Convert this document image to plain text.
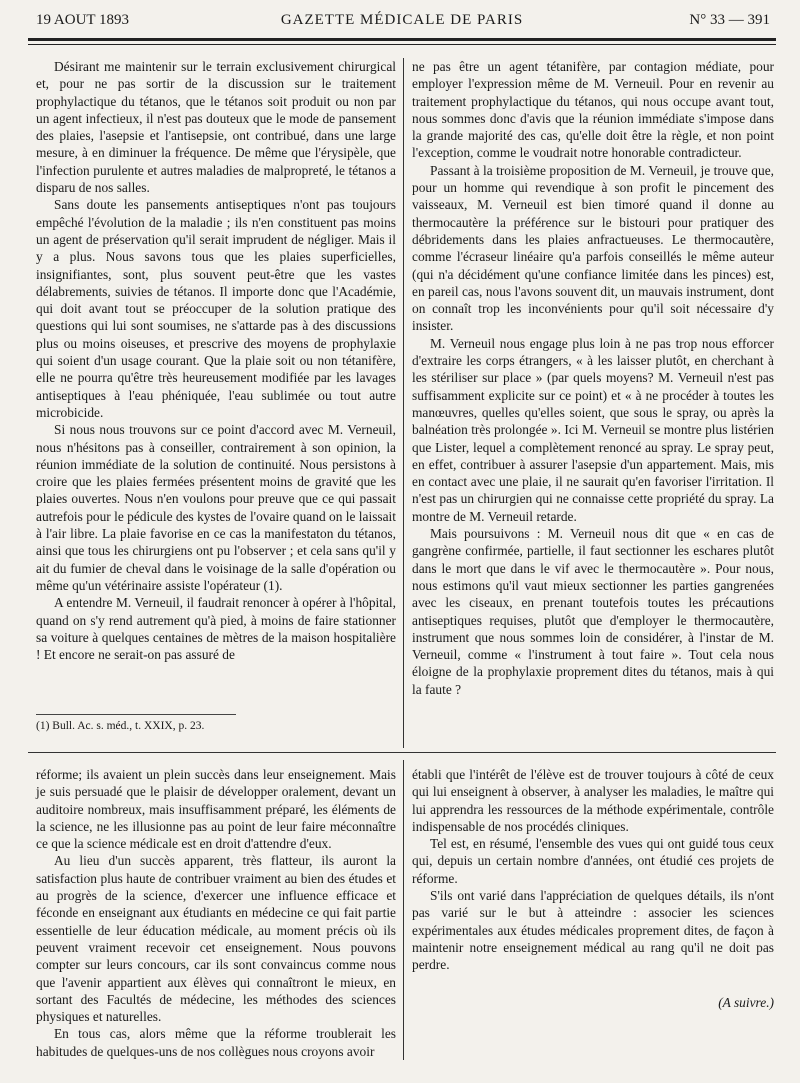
19 AOUT 1893	GAZETTE MÉDICALE DE PARIS	N° 33 — 391

Désirant me maintenir sur le terrain exclusivement chirurgical et, pour ne pas sortir de la discussion sur le traitement prophylactique du tétanos, que le tétanos soit produit ou non par un agent infectieux, il n'est pas douteux que le mode de pansement des plaies, l'asepsie et l'antisepsie, ont contribué, dans une large mesure, à en diminuer la fréquence. De même que l'érysipèle, que l'infection purulente et autres maladies de malpropreté, le tétanos a disparu de nos salles.

Sans doute les pansements antiseptiques n'ont pas toujours empêché l'évolution de la maladie ; ils n'en constituent pas moins un agent de préservation qu'il serait imprudent de négliger. Mais il y a plus. Nous savons tous que les plaies superficielles, insignifiantes, sont, plus souvent peut-être que les vastes délabrements, suivies de tétanos. Il importe donc que l'Académie, qui doit avant tout se préoccuper de la solution pratique des questions qui lui sont soumises, ne s'attarde pas à des discussions plus ou moins oiseuses, et prescrive des moyens de prophylaxie qui soient d'un usage courant. Que la plaie soit ou non tétanifère, elle ne pourra qu'être très heureusement modifiée par les lavages antiseptiques à l'eau phéniquée, l'eau sublimée ou tout autre microbicide.

Si nous nous trouvons sur ce point d'accord avec M. Verneuil, nous n'hésitons pas à conseiller, contrairement à son opinion, la réunion immédiate de la solution de continuité. Nous persistons à croire que les plaies fermées présentent moins de gravité que les plaies ouvertes. Nous n'en voulons pour preuve que ce qui passait autrefois pour le pédicule des kystes de l'ovaire quand on le laissait à l'air libre. La plaie favorise en ce cas la manifestaton du tétanos, ainsi que tous les chirurgiens ont pu l'observer ; et cela sans qu'il y ait du fumier de cheval dans le voisinage de la salle d'opération ou même qu'un vétérinaire assiste l'opérateur (1).

A entendre M. Verneuil, il faudrait renoncer à opérer à l'hôpital, quand on s'y rend autrement qu'à pied, à moins de faire stationner sa voiture à quelques centaines de mètres de la maison hospitalière ! Et encore ne serait-on pas assuré de

ne pas être un agent tétanifère, par contagion médiate, pour employer l'expression même de M. Verneuil. Pour en revenir au traitement prophylactique du tétanos, qui nous occupe avant tout, nous sommes donc d'avis que la réunion immédiate s'impose dans la grande majorité des cas, qu'elle doit être la règle, et non point l'exception, comme le voudrait notre honorable contradicteur.

Passant à la troisième proposition de M. Verneuil, je trouve que, pour un homme qui revendique à son profit le pincement des vaisseaux, M. Verneuil est bien timoré quand il donne au thermocautère la préférence sur le bistouri pour pratiquer des débridements dans les plaies anfractueuses. Le thermocautère, comme l'écraseur linéaire qu'a parfois conseillés le même auteur (qui n'a décidément qu'une confiance limitée dans les pinces) est, en pareil cas, nous l'avons souvent dit, un mauvais instrument, dont on connaît trop les inconvénients pour qu'il soit nécessaire d'y insister.

M. Verneuil nous engage plus loin à ne pas trop nous efforcer d'extraire les corps étrangers, « à les laisser plutôt, en cherchant à les stériliser sur place » (par quels moyens? M. Verneuil n'est pas suffisamment explicite sur ce point) et « à ne procéder à toutes les manœuvres, quelles qu'elles soient, que sous le spray, ou après la balnéation très prolongée ». Ici M. Verneuil se montre plus listérien que Lister, lequel a complètement renoncé au spray. Le spray peut, en effet, contribuer à assurer l'asepsie d'un appartement. Mais, mis en contact avec une plaie, il ne saurait qu'en favoriser l'irritation. Il n'est pas un chirurgien qui ne connaisse cette propriété du spray. La montre de M. Verneuil retarde.

Mais poursuivons : M. Verneuil nous dit que « en cas de gangrène confirmée, partielle, il faut sectionner les eschares plutôt dans le mort que dans le vif avec le thermocautère ». Pour nous, nous estimons qu'il vaut mieux sectionner les parties gangrenées avec les ciseaux, en prenant toutefois toutes les précautions antiseptiques requises, plutôt que d'employer le thermocautère, instrument que nous sommes loin de considérer, à l'instar de M. Verneuil, comme « l'instrument à tout faire ». Tout cela nous éloigne de la prophylaxie proprement dites du tétanos, mais à qui la faute ?

(1) Bull. Ac. s. méd., t. XXIX, p. 23.

réforme; ils avaient un plein succès dans leur enseignement. Mais je suis persuadé que le plaisir de développer oralement, devant un auditoire nombreux, mais insuffisamment préparé, les éléments de la science, ne les illusionne pas au point de leur faire méconnaître ce que la science médicale est en droit d'attendre d'eux.

Au lieu d'un succès apparent, très flatteur, ils auront la satisfaction plus haute de contribuer vraiment au bien des études et au progrès de la science, d'exercer une influence efficace et féconde en enseignant aux étudiants en médecine ce qui fait partie essentielle de leur éducation médicale, au moment précis où ils peuvent vraiment recevoir cet enseignement. Nous pouvons compter sur leurs concours, car ils sont convaincus comme nous que l'avenir appartient aux élèves qui connaîtront le mieux, en sortant des Facultés de médecine, les méthodes des sciences physiques et naturelles.

En tous cas, alors même que la réforme troublerait les habitudes de quelques-uns de nos collègues nous croyons avoir

établi que l'intérêt de l'élève est de trouver toujours à côté de ceux qui lui enseignent à observer, à analyser les maladies, le maître qui lui apprendra les ressources de la méthode expérimentale, contrôle indispensable de nos procédés cliniques.

Tel est, en résumé, l'ensemble des vues qui ont guidé tous ceux qui, depuis un certain nombre d'années, ont étudié ces projets de réforme.

S'ils ont varié dans l'appréciation de quelques détails, ils n'ont pas varié sur le but à atteindre : associer les sciences expérimentales aux études médicales proprement dites, de façon à maintenir notre enseignement médical au rang qu'il ne doit pas perdre.

(A suivre.)
